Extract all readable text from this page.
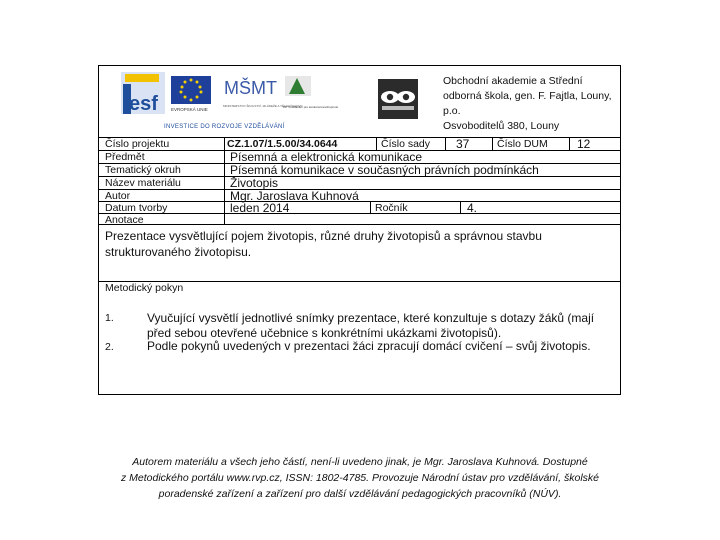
esf	EVROPSKÁ UNIE
MŠMT
MINISTERSTVO ŠKOLSTVÍ, MLÁDEŽE A TĚLOVÝCHOVY
OP Vzdělávání pro konkurenceschopnost
INVESTICE DO ROZVOJE VZDĚLÁVÁNÍ
Obchodní akademie a Střední
odborná škola, gen. F. Fajtla, Louny,
p.o.
Osvoboditelů 380, Louny
Číslo projektu	CZ.1.07/1.5.00/34.0644	Číslo sady 37	Číslo DUM 12
Předmět	Písemná a elektronická komunikace
Tematický okruh	Písemná komunikace v současných právních podmínkách
Název materiálu	Životopis
Autor	Mgr. Jaroslava Kuhnová
Datum tvorby	leden 2014	Ročník	4.
Anotace
Prezentace vysvětlující pojem životopis, různé druhy životopisů a správnou stavbu
strukturovaného životopisu.
Metodický pokyn
1.	Vyučující vysvětlí jednotlivé snímky prezentace, které konzultuje s dotazy žáků (mají
před sebou otevřené učebnice s konkrétními ukázkami životopisů).
2.	Podle pokynů uvedených v prezentaci žáci zpracují domácí cvičení – svůj životopis.
Autorem materiálu a všech jeho částí, není-li uvedeno jinak, je Mgr. Jaroslava Kuhnová. Dostupné
z Metodického portálu www.rvp.cz, ISSN: 1802-4785. Provozuje Národní ústav pro vzdělávání, školské
poradenské zařízení a zařízení pro další vzdělávání pedagogických pracovníků (NÚV).
